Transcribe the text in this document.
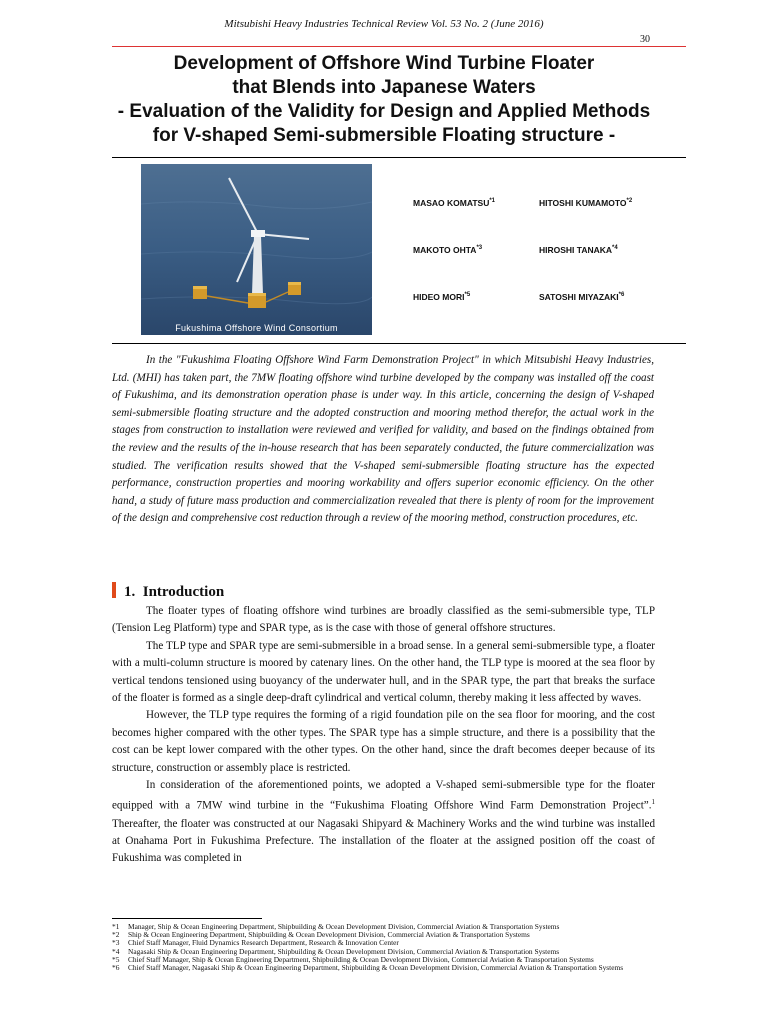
Mitsubishi Heavy Industries Technical Review Vol. 53 No. 2 (June 2016)
30
Development of Offshore Wind Turbine Floater
that Blends into Japanese Waters
- Evaluation of the Validity for Design and Applied Methods
for V-shaped Semi-submersible Floating structure -
Fukushima Offshore Wind Consortium
MASAO KOMATSU$^{*1}$	HITOSHI KUMAMOTO$^{*2}$
MAKOTO OHTA$^{*3}$	HIROSHI TANAKA$^{*4}$
HIDEO MORI$^{*5}$	SATOSHI MIYAZAKI$^{*6}$

In the "Fukushima Floating Offshore Wind Farm Demonstration Project" in which Mitsubishi Heavy Industries, Ltd. (MHI) has taken part, the 7MW floating offshore wind turbine developed by the company was installed off the coast of Fukushima, and its demonstration operation phase is under way. In this article, concerning the design of V-shaped semi-submersible floating structure and the adopted construction and mooring method therefor, the actual work in the stages from construction to installation were reviewed and verified for validity, and based on the findings obtained from the review and the results of the in-house research that has been separately conducted, the future commercialization was studied. The verification results showed that the V-shaped semi-submersible floating structure has the expected performance, construction properties and mooring workability and offers superior economic efficiency. On the other hand, a study of future mass production and commercialization revealed that there is plenty of room for the improvement of the design and comprehensive cost reduction through a review of the mooring method, construction procedures, etc.

1. Introduction

The floater types of floating offshore wind turbines are broadly classified as the semi-submersible type, TLP (Tension Leg Platform) type and SPAR type, as is the case with those of general offshore structures.

The TLP type and SPAR type are semi-submersible in a broad sense. In a general semi-submersible type, a floater with a multi-column structure is moored by catenary lines. On the other hand, the TLP type is moored at the sea floor by vertical tendons tensioned using buoyancy of the underwater hull, and in the SPAR type, the part that breaks the surface of the floater is formed as a single deep-draft cylindrical and vertical column, thereby making it less affected by waves.

However, the TLP type requires the forming of a rigid foundation pile on the sea floor for mooring, and the cost becomes higher compared with the other types. The SPAR type has a simple structure, and there is a possibility that the cost can be kept lower compared with the other types. On the other hand, since the draft becomes deeper because of its structure, construction or assembly place is restricted.

In consideration of the aforementioned points, we adopted a V-shaped semi-submersible type for the floater equipped with a 7MW wind turbine in the “Fukushima Floating Offshore Wind Farm Demonstration Project”.$^1$ Thereafter, the floater was constructed at our Nagasaki Shipyard & Machinery Works and the wind turbine was installed at Onahama Port in Fukushima Prefecture. The installation of the floater at the assigned position off the coast of Fukushima was completed in

*1	Manager, Ship & Ocean Engineering Department, Shipbuilding & Ocean Development Division, Commercial Aviation & Transportation Systems
*2	Ship & Ocean Engineering Department, Shipbuilding & Ocean Development Division, Commercial Aviation & Transportation Systems
*3	Chief Staff Manager, Fluid Dynamics Research Department, Research & Innovation Center
*4	Nagasaki Ship & Ocean Engineering Department, Shipbuilding & Ocean Development Division, Commercial Aviation & Transportation Systems
*5	Chief Staff Manager, Ship & Ocean Engineering Department, Shipbuilding & Ocean Development Division, Commercial Aviation & Transportation Systems
*6	Chief Staff Manager, Nagasaki Ship & Ocean Engineering Department, Shipbuilding & Ocean Development Division, Commercial Aviation & Transportation Systems
